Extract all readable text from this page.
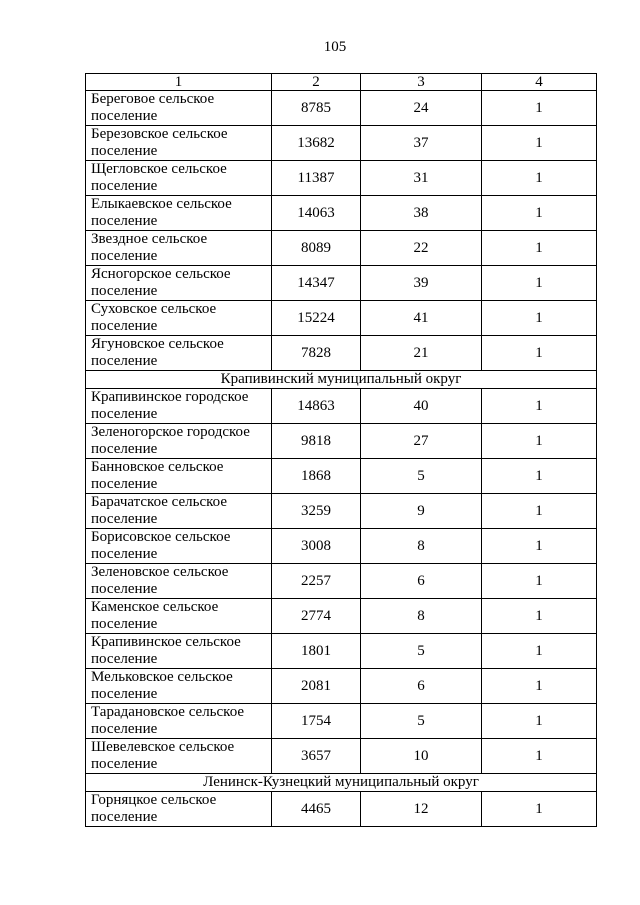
105
1	2	3	4
Береговое сельское поселение	8785	24	1
Березовское сельское поселение	13682	37	1
Щегловское сельское поселение	11387	31	1
Елыкаевское сельское поселение	14063	38	1
Звездное сельское поселение	8089	22	1
Ясногорское сельское поселение	14347	39	1
Суховское сельское поселение	15224	41	1
Ягуновское сельское поселение	7828	21	1
Крапивинский муниципальный округ			
Крапивинское городское поселение	14863	40	1
Зеленогорское городское поселение	9818	27	1
Банновское сельское поселение	1868	5	1
Барачатское сельское поселение	3259	9	1
Борисовское сельское поселение	3008	8	1
Зеленовское сельское поселение	2257	6	1
Каменское сельское поселение	2774	8	1
Крапивинское сельское поселение	1801	5	1
Мельковское сельское поселение	2081	6	1
Тарадановское сельское поселение	1754	5	1
Шевелевское сельское поселение	3657	10	1
Ленинск-Кузнецкий муниципальный округ			
Горняцкое сельское поселение	4465	12	1
